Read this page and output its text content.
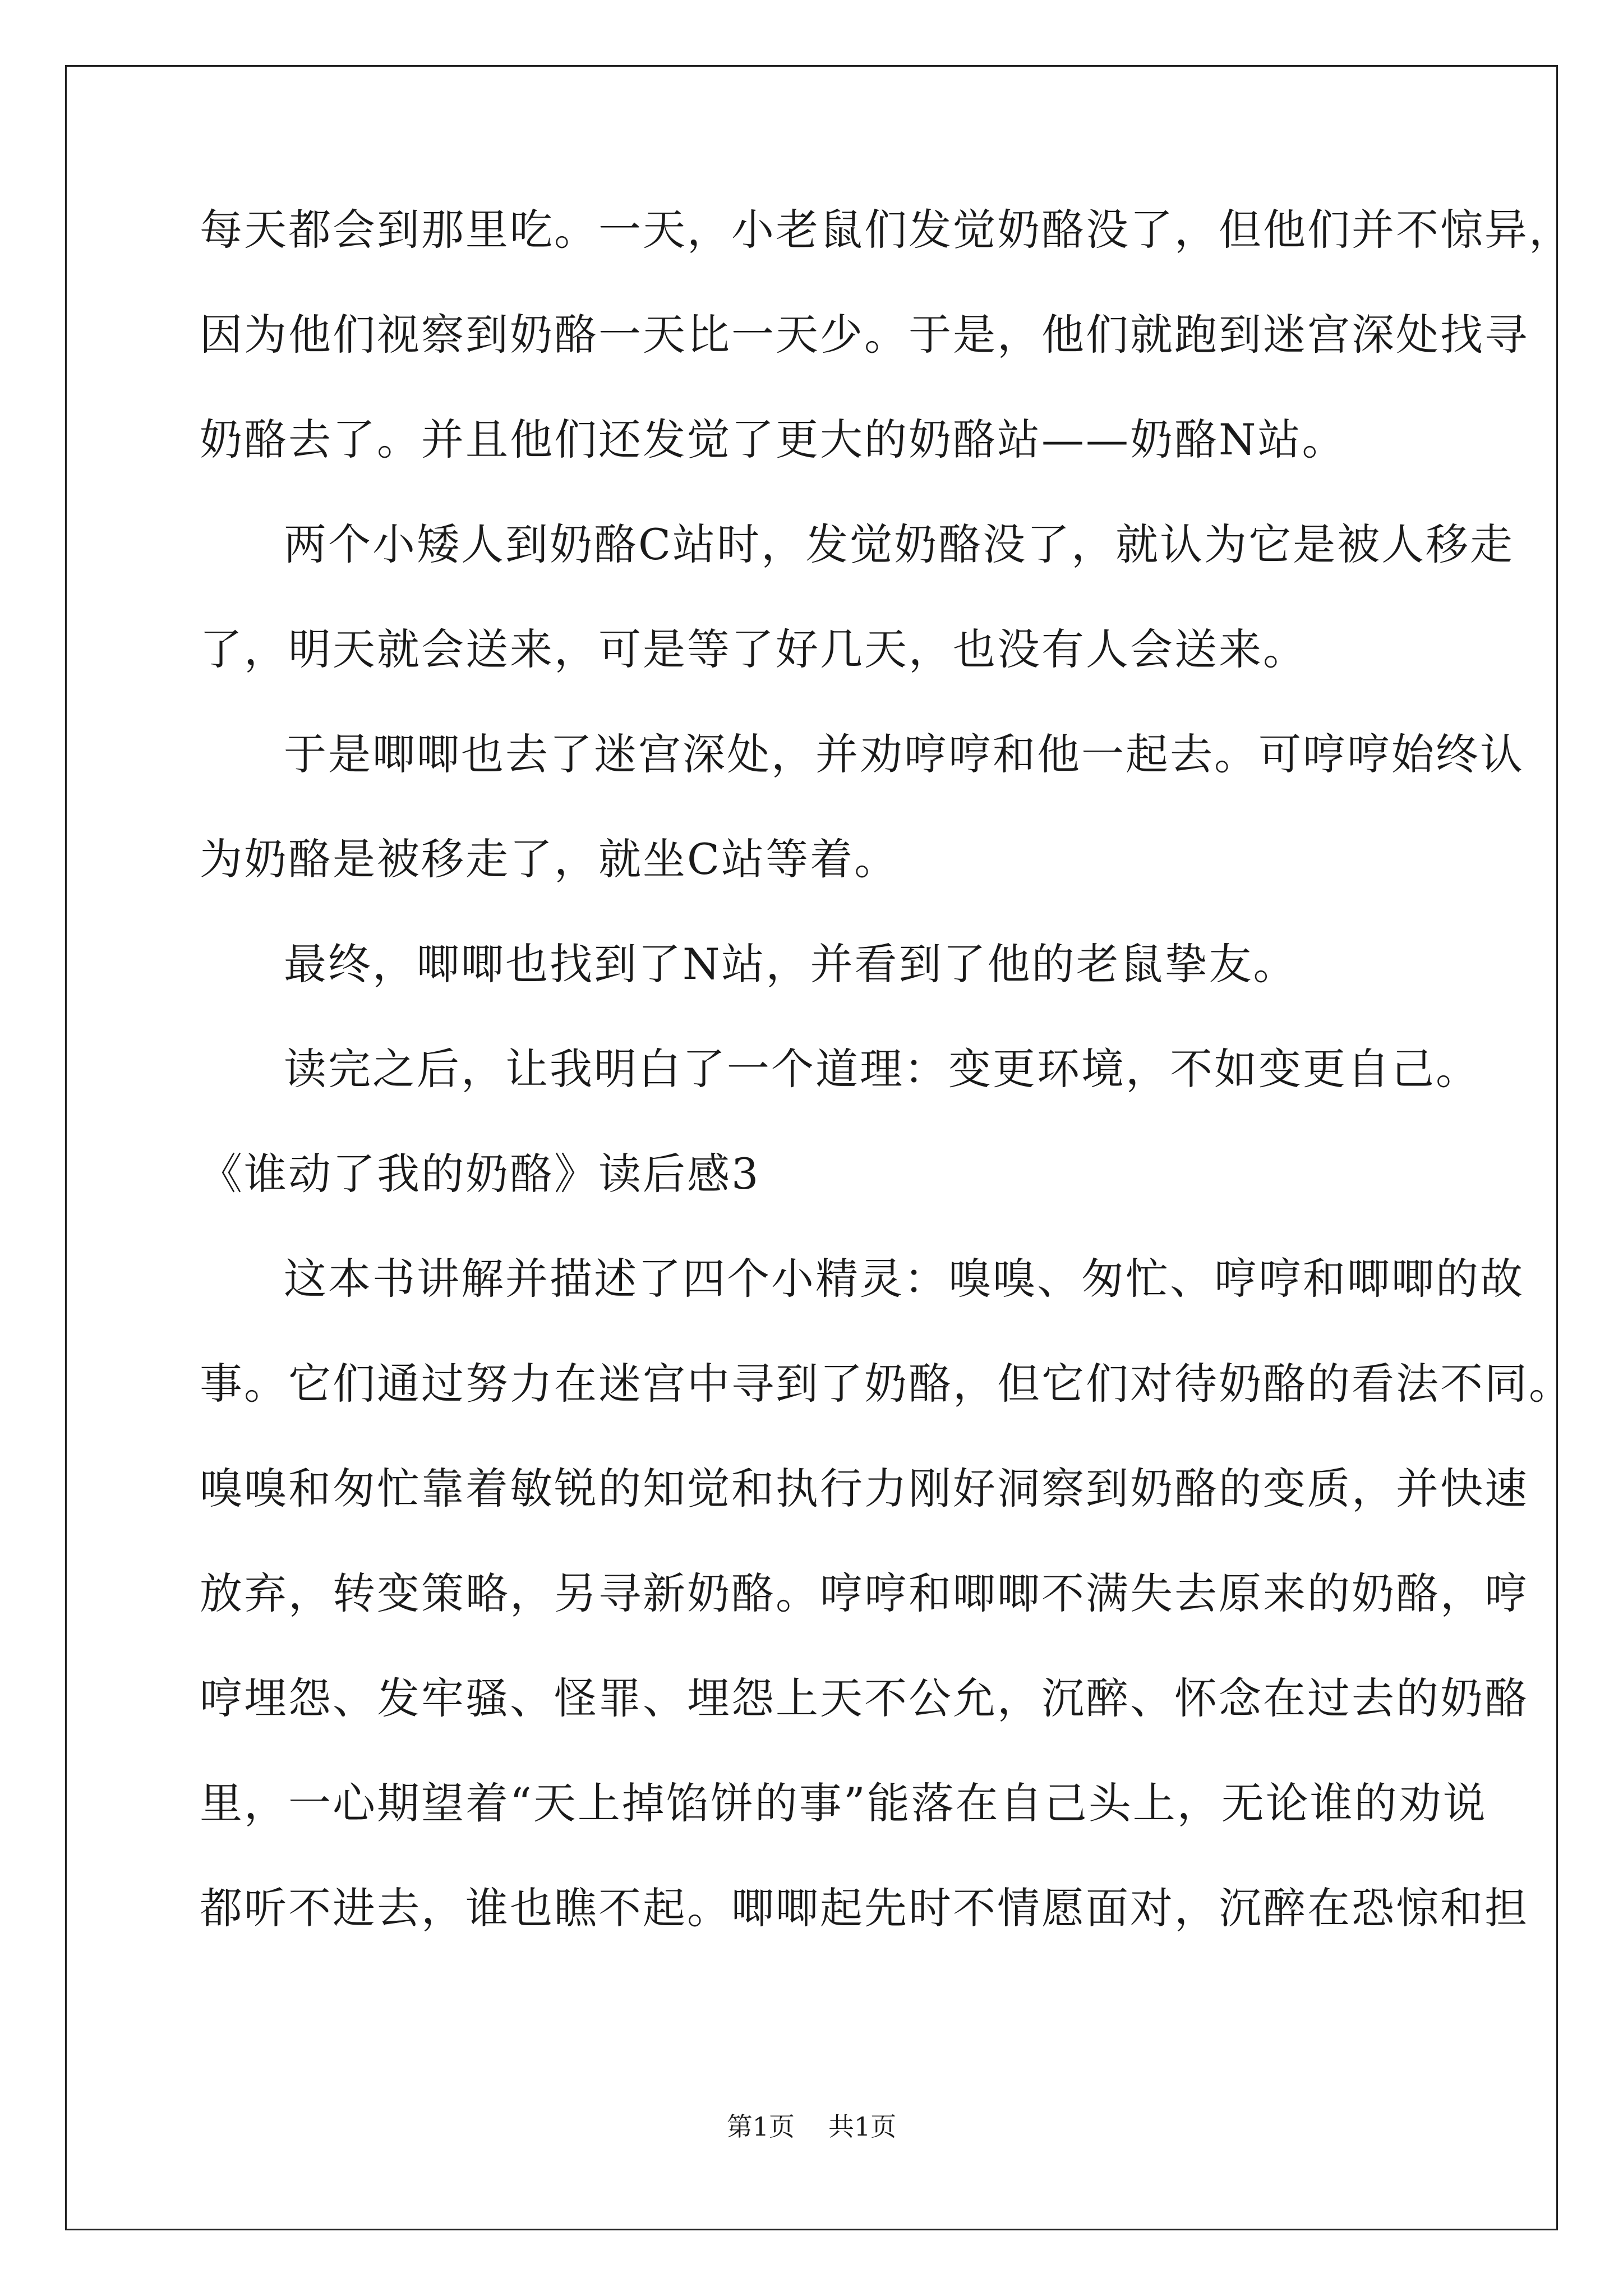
每天都会到那里吃。一天，小老鼠们发觉奶酪没了，但他们并不惊异，
因为他们视察到奶酪一天比一天少。于是，他们就跑到迷宫深处找寻
奶酪去了。并且他们还发觉了更大的奶酪站——奶酪N站。
两个小矮人到奶酪C站时，发觉奶酪没了，就认为它是被人移走
了，明天就会送来，可是等了好几天，也没有人会送来。
于是唧唧也去了迷宫深处，并劝哼哼和他一起去。可哼哼始终认
为奶酪是被移走了，就坐C站等着。
最终，唧唧也找到了N站，并看到了他的老鼠挚友。
读完之后，让我明白了一个道理：变更环境，不如变更自己。
《谁动了我的奶酪》读后感3
这本书讲解并描述了四个小精灵：嗅嗅、匆忙、哼哼和唧唧的故
事。它们通过努力在迷宫中寻到了奶酪，但它们对待奶酪的看法不同。
嗅嗅和匆忙靠着敏锐的知觉和执行力刚好洞察到奶酪的变质，并快速
放弃，转变策略，另寻新奶酪。哼哼和唧唧不满失去原来的奶酪，哼
哼埋怨、发牢骚、怪罪、埋怨上天不公允，沉醉、怀念在过去的奶酪
里，一心期望着“天上掉馅饼的事”能落在自己头上，无论谁的劝说
都听不进去，谁也瞧不起。唧唧起先时不情愿面对，沉醉在恐惊和担
第1页 共1页
